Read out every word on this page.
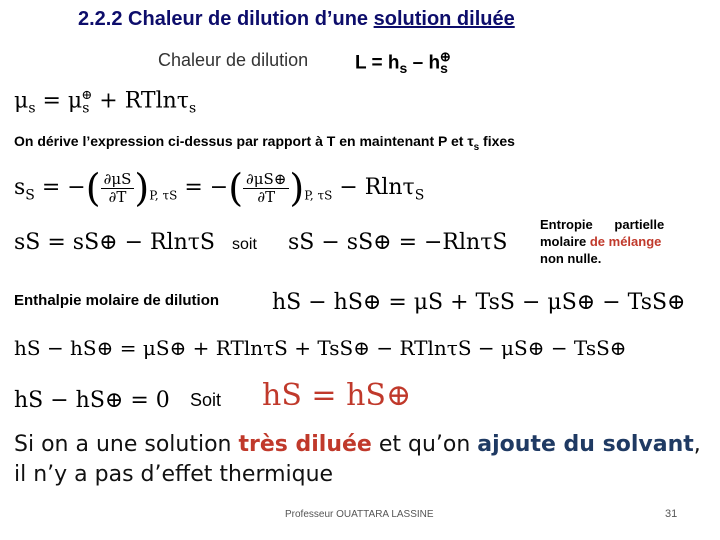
2.2.2 Chaleur de dilution d’une solution diluée
Chaleur de dilution $L = h_s - h_s^\oplus$
$\mu_s = \mu_s^\oplus + RTln\tau_s$
On dérive l’expression ci-dessus par rapport à T en maintenant P et $\tau_s$ fixes
$s_S$ = −( $\frac{\partial\mu S}{\partial T} )_{P, \tau S}$ = −( $\frac{\partial\mu S\oplus}{\partial T} )_{P, \tau S} - Rln\tau_S$
sS = sS⊕ − RlnτS soit sS − sS⊕ = −RlnτS
Entropie      partielle
molaire de mélange
non nulle.
Enthalpie molaire de dilution hS − hS⊕ = μS + TsS − μS⊕ − TsS⊕
hS − hS⊕ = μS⊕ + RTlnτS + TsS⊕ − RTlnτS − μS⊕ − TsS⊕
hS − hS⊕ = 0 Soit hS = hS⊕
Si on a une solution très diluée et qu’on ajoute du solvant,
il n’y a pas d’effet thermique
Professeur OUATTARA LASSINE	31
